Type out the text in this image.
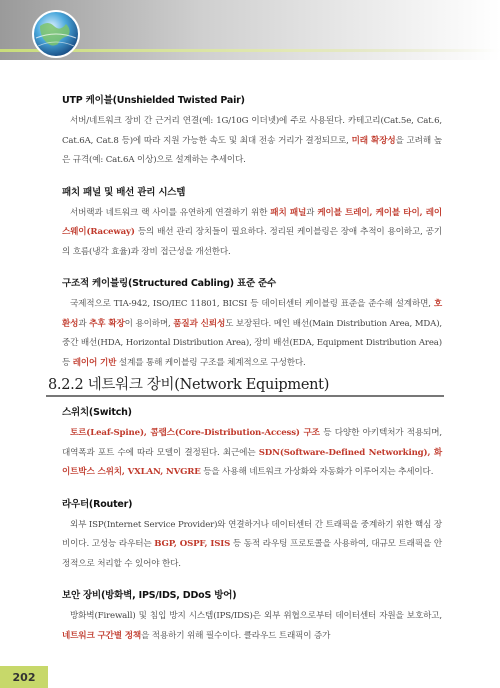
UTP 케이블(Unshielded Twisted Pair)

서버/네트워크 장비 간 근거리 연결(예: 1G/10G 이더넷)에 주로 사용된다. 카테고리(Cat.5e, Cat.6, Cat.6A, Cat.8 등)에 따라 지원 가능한 속도 및 최대 전송 거리가 결정되므로, 미래 확장성을 고려해 높은 규격(예: Cat.6A 이상)으로 설계하는 추세이다.

패치 패널 및 배선 관리 시스템

서버랙과 네트워크 랙 사이를 유연하게 연결하기 위한 패치 패널과 케이블 트레이, 케이블 타이, 레이스웨이(Raceway) 등의 배선 관리 장치들이 필요하다. 정리된 케이블링은 장애 추적이 용이하고, 공기의 흐름(냉각 효율)과 장비 접근성을 개선한다.

구조적 케이블링(Structured Cabling) 표준 준수

국제적으로 TIA-942, ISO/IEC 11801, BICSI 등 데이터센터 케이블링 표준을 준수해 설계하면, 호환성과 추후 확장이 용이하며, 품질과 신뢰성도 보장된다. 메인 배선(Main Distribution Area, MDA), 중간 배선(HDA, Horizontal Distribution Area), 장비 배선(EDA, Equipment Distribution Area) 등 레이어 기반 설계를 통해 케이블링 구조를 체계적으로 구성한다.

8.2.2 네트워크 장비(Network Equipment)
스위치(Switch)

토르(Leaf-Spine), 콤랩스(Core-Distribution-Access) 구조 등 다양한 아키텍처가 적용되며, 대역폭과 포트 수에 따라 모델이 결정된다. 최근에는 SDN(Software-Defined Networking), 화이트박스 스위치, VXLAN, NVGRE 등을 사용해 네트워크 가상화와 자동화가 이루어지는 추세이다.

라우터(Router)

외부 ISP(Internet Service Provider)와 연결하거나 데이터센터 간 트래픽을 중계하기 위한 핵심 장비이다. 고성능 라우터는 BGP, OSPF, ISIS 등 동적 라우팅 프로토콜을 사용하여, 대규모 트래픽을 안정적으로 처리할 수 있어야 한다.

보안 장비(방화벽, IPS/IDS, DDoS 방어)

방화벽(Firewall) 및 침입 방지 시스템(IPS/IDS)은 외부 위협으로부터 데이터센터 자원을 보호하고, 네트워크 구간별 정책을 적용하기 위해 필수이다. 클라우드 트래픽이 증가

202
